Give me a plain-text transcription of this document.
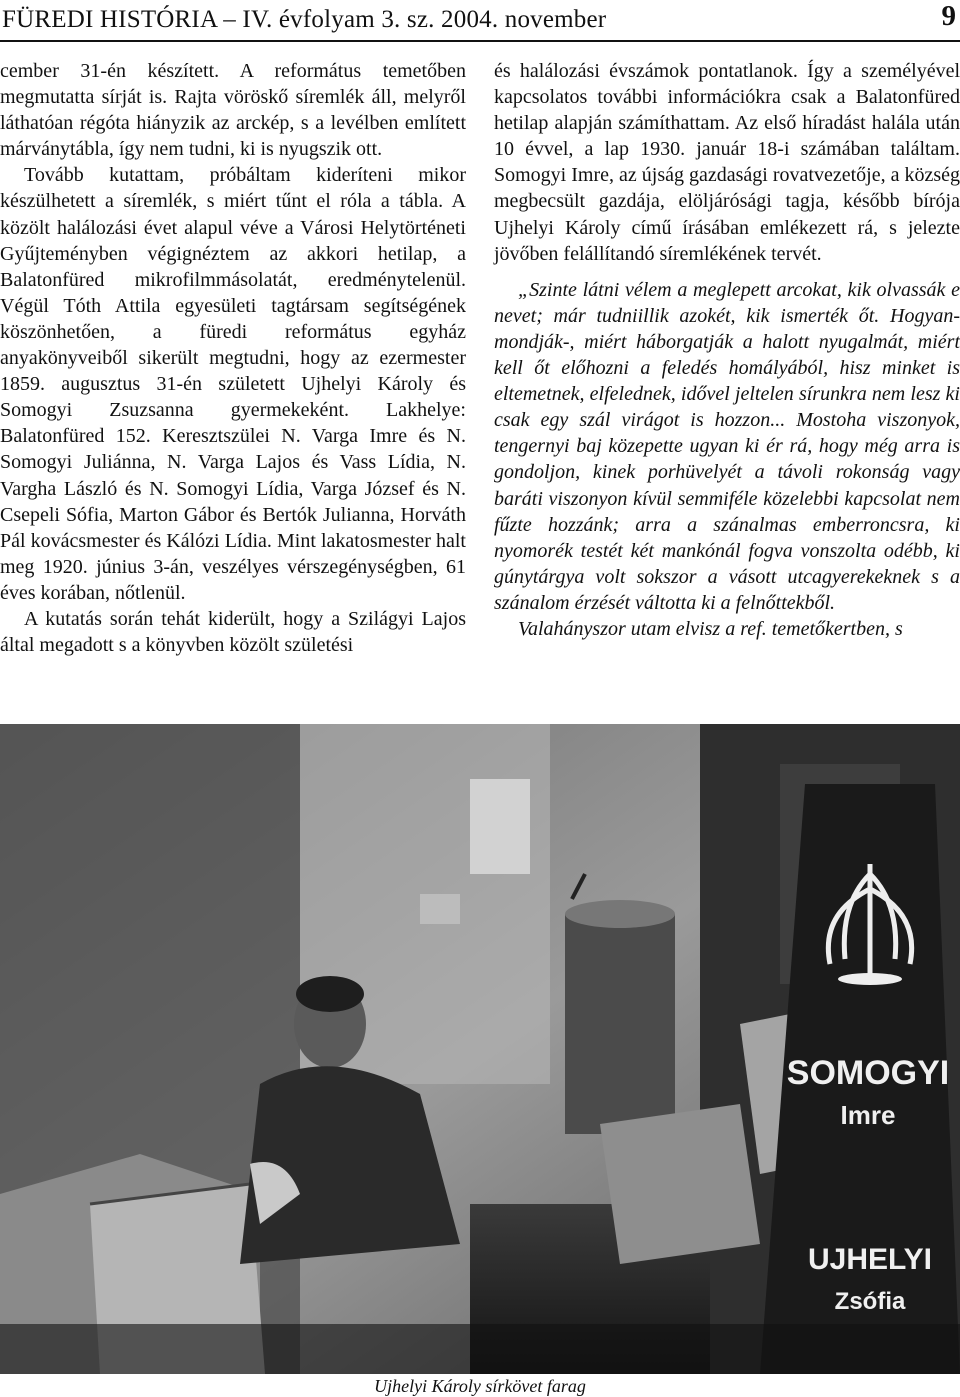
FÜREDI HISTÓRIA – IV. évfolyam 3. sz. 2004. november	9

cember 31-én készített. A református temetőben megmutatta sírját is. Rajta vöröskő síremlék áll, melyről láthatóan régóta hiányzik az arckép, s a levélben említett márványtábla, így nem tudni, ki is nyugszik ott.

Tovább kutattam, próbáltam kideríteni mikor készülhetett a síremlék, s miért tűnt el róla a tábla. A közölt halálozási évet alapul véve a Városi Helytörténeti Gyűjteményben végignéztem az akkori hetilap, a Balatonfüred mikrofilmmásolatát, eredménytelenül. Végül Tóth Attila egyesületi tagtársam segítségének köszönhetően, a füredi református egyház anyakönyveiből sikerült megtudni, hogy az ezermester 1859. augusztus 31-én született Ujhelyi Károly és Somogyi Zsuzsanna gyermekeként. Lakhelye: Balatonfüred 152. Keresztszülei N. Varga Imre és N. Somogyi Juliánna, N. Varga Lajos és Vass Lídia, N. Vargha László és N. Somogyi Lídia, Varga József és N. Csepeli Sófia, Marton Gábor és Bertók Julianna, Horváth Pál kovácsmester és Kálózi Lídia. Mint lakatosmester halt meg 1920. június 3-án, veszélyes vérszegénységben, 61 éves korában, nőtlenül.

A kutatás során tehát kiderült, hogy a Szilágyi Lajos által megadott s a könyvben közölt születési

és halálozási évszámok pontatlanok. Így a személyével kapcsolatos további információkra csak a Balatonfüred hetilap alapján számíthattam. Az első híradást halála után 10 évvel, a lap 1930. január 18-i számában találtam. Somogyi Imre, az újság gazdasági rovatvezetője, a község megbecsült gazdája, elöljárósági tagja, később bírója Ujhelyi Károly című írásában emlékezett rá, s jelezte jövőben felállítandó síremlékének tervét.

„Szinte látni vélem a meglepett arcokat, kik olvassák e nevet; már tudniillik azokét, kik ismerték őt. Hogyan-mondják-, miért háborgatják a halott nyugalmát, miért kell őt előhozni a feledés homályából, hisz minket is eltemetnek, elfelednek, idővel jeltelen sírunkra nem lesz ki csak egy szál virágot is hozzon... Mostoha viszonyok, tengernyi baj közepette ugyan ki ér rá, hogy még arra is gondoljon, kinek porhüvelyét a távoli rokonság vagy baráti viszonyon kívül semmiféle közelebbi kapcsolat nem fűzte hozzánk; arra a szánalmas emberroncsra, ki nyomorék testét két mankónál fogva vonszolta odébb, ki gúnytárgya volt sokszor a vásott utcagyerekeknek s a szánalom érzését váltotta ki a felnőttekből.

Valahányszor utam elvisz a ref. temetőkertben, s

SOMOGYI
Imre
UJHELYI
Zsófia
Ujhelyi Károly sírkövet farag
